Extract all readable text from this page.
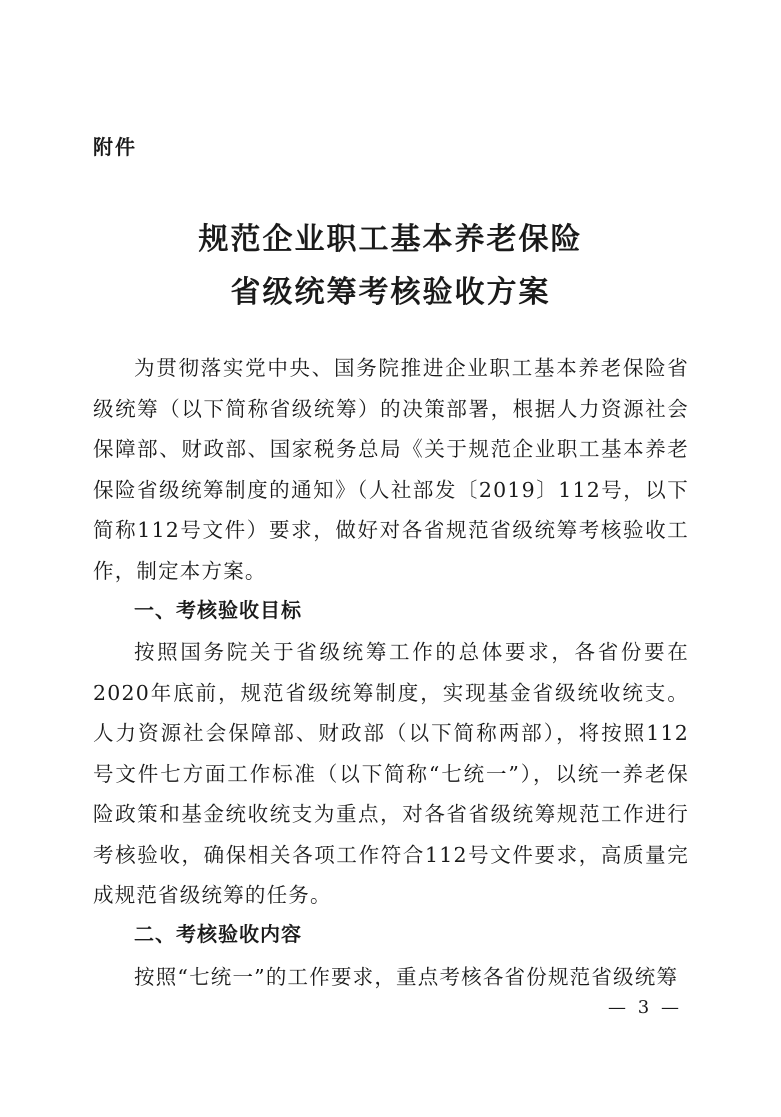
附件
规范企业职工基本养老保险
省级统筹考核验收方案
为贯彻落实党中央、国务院推进企业职工基本养老保险省级统筹（以下简称省级统筹）的决策部署，根据人力资源社会保障部、财政部、国家税务总局《关于规范企业职工基本养老保险省级统筹制度的通知》（人社部发〔2019〕112号，以下简称112号文件）要求，做好对各省规范省级统筹考核验收工作，制定本方案。
一、考核验收目标
按照国务院关于省级统筹工作的总体要求，各省份要在2020年底前，规范省级统筹制度，实现基金省级统收统支。人力资源社会保障部、财政部（以下简称两部），将按照112号文件七方面工作标准（以下简称“七统一”），以统一养老保险政策和基金统收统支为重点，对各省省级统筹规范工作进行考核验收，确保相关各项工作符合112号文件要求，高质量完成规范省级统筹的任务。
二、考核验收内容
按照“七统一”的工作要求，重点考核各省份规范省级统筹
— 3 —
